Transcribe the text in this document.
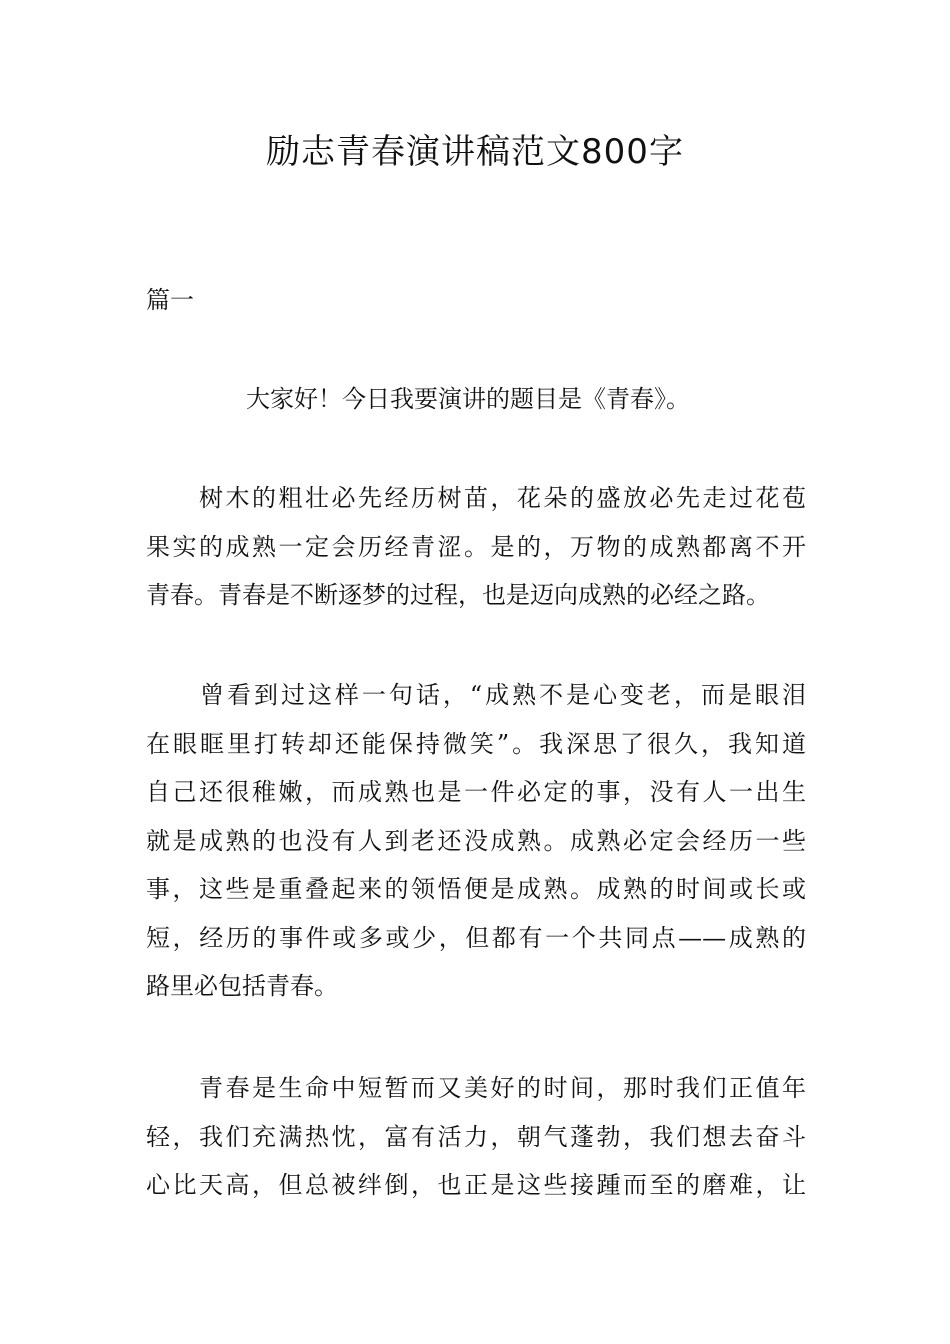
励志青春演讲稿范文800字
篇一
大家好！今日我要演讲的题目是《青春》。
　　树木的粗壮必先经历树苗，花朵的盛放必先走过花苞
果实的成熟一定会历经青涩。是的，万物的成熟都离不开
青春。青春是不断逐梦的过程，也是迈向成熟的必经之路。
　　曾看到过这样一句话，“成熟不是心变老，而是眼泪
在眼眶里打转却还能保持微笑”。我深思了很久，我知道
自己还很稚嫩，而成熟也是一件必定的事，没有人一出生
就是成熟的也没有人到老还没成熟。成熟必定会经历一些
事，这些是重叠起来的领悟便是成熟。成熟的时间或长或
短，经历的事件或多或少，但都有一个共同点——成熟的
路里必包括青春。
　　青春是生命中短暂而又美好的时间，那时我们正值年
轻，我们充满热忱，富有活力，朝气蓬勃，我们想去奋斗
心比天高，但总被绊倒，也正是这些接踵而至的磨难，让
